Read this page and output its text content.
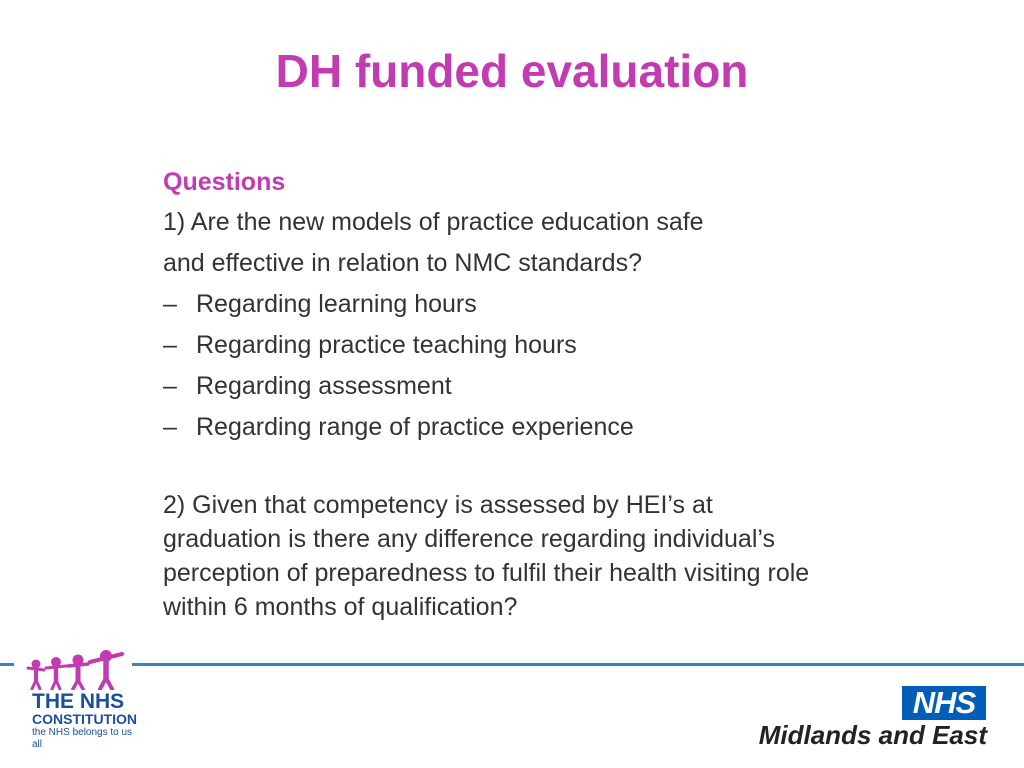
DH funded evaluation
Questions
1) Are the new models of practice education safe
and effective in relation to NMC standards?
– Regarding learning hours
– Regarding practice teaching hours
– Regarding assessment
– Regarding range of practice experience
2) Given that competency is assessed by HEI’s at
graduation is there any difference regarding individual’s
perception of preparedness to fulfil their health visiting role
within 6 months of qualification?
THE NHS
CONSTITUTION
the NHS belongs to us all
NHS
Midlands and East
